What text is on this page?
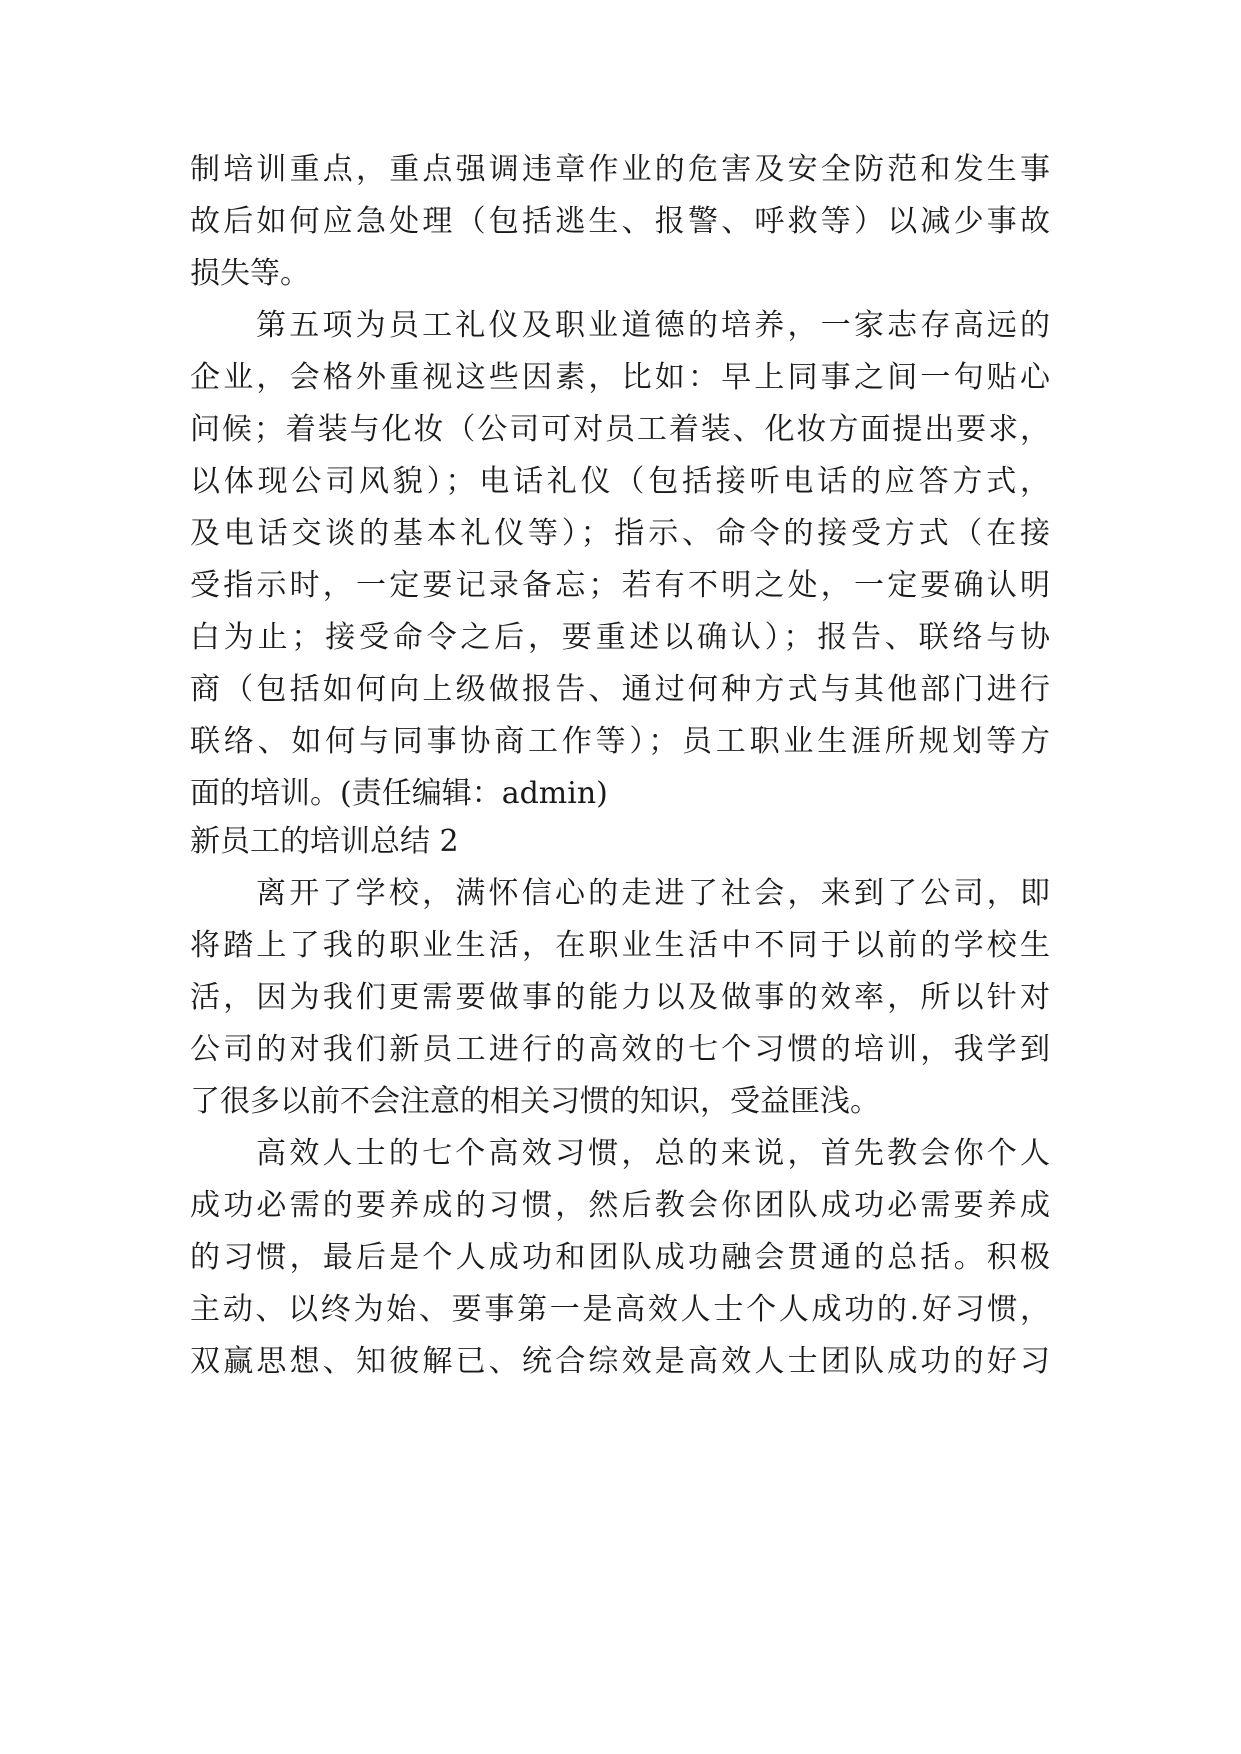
制培训重点，重点强调违章作业的危害及安全防范和发生事
故后如何应急处理（包括逃生、报警、呼救等）以减少事故
损失等。
第五项为员工礼仪及职业道德的培养，一家志存高远的
企业，会格外重视这些因素，比如：早上同事之间一句贴心
问候；着装与化妆（公司可对员工着装、化妆方面提出要求，
以体现公司风貌）；电话礼仪（包括接听电话的应答方式，
及电话交谈的基本礼仪等）；指示、命令的接受方式（在接
受指示时，一定要记录备忘；若有不明之处，一定要确认明
白为止；接受命令之后，要重述以确认）；报告、联络与协
商（包括如何向上级做报告、通过何种方式与其他部门进行
联络、如何与同事协商工作等）；员工职业生涯所规划等方
面的培训。(责任编辑：admin)
新员工的培训总结 2
离开了学校，满怀信心的走进了社会，来到了公司，即
将踏上了我的职业生活，在职业生活中不同于以前的学校生
活，因为我们更需要做事的能力以及做事的效率，所以针对
公司的对我们新员工进行的高效的七个习惯的培训，我学到
了很多以前不会注意的相关习惯的知识，受益匪浅。
高效人士的七个高效习惯，总的来说，首先教会你个人
成功必需的要养成的习惯，然后教会你团队成功必需要养成
的习惯，最后是个人成功和团队成功融会贯通的总括。积极
主动、以终为始、要事第一是高效人士个人成功的.好习惯，
双赢思想、知彼解已、统合综效是高效人士团队成功的好习
